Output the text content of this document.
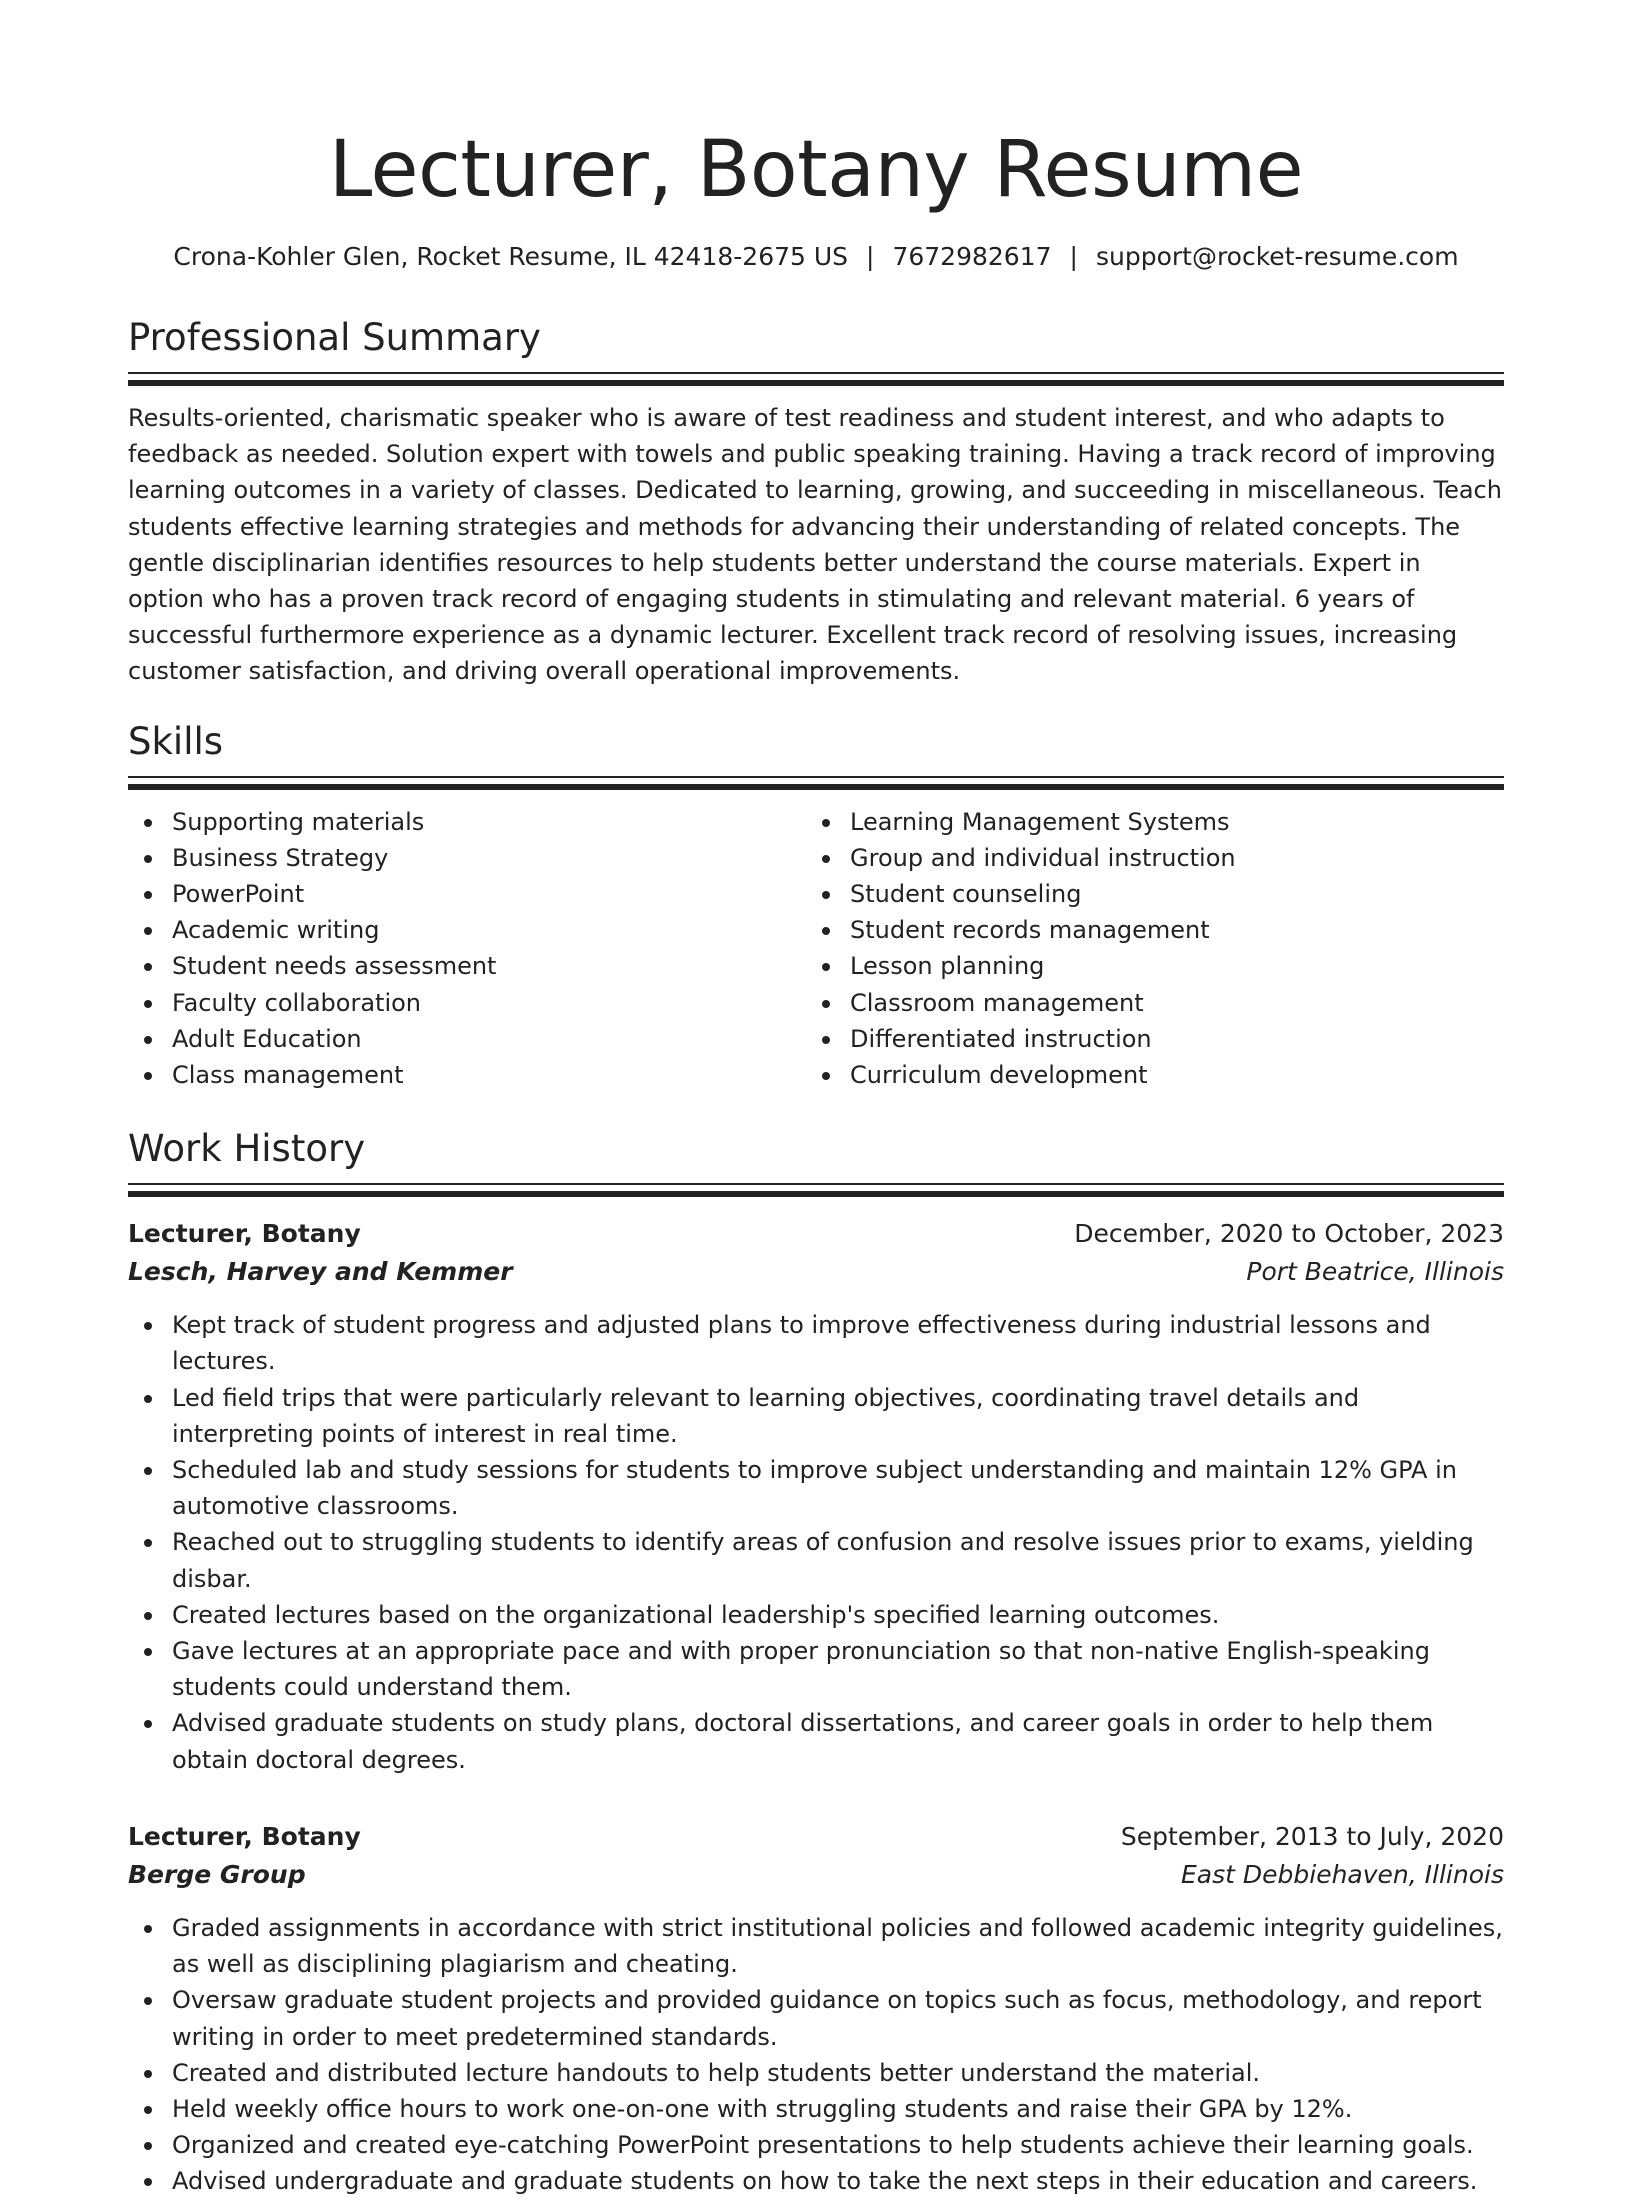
Lecturer, Botany Resume
Crona-Kohler Glen, Rocket Resume, IL 42418-2675 US | 7672982617 | support@rocket-resume.com
Professional Summary

Results-oriented, charismatic speaker who is aware of test readiness and student interest, and who adapts to feedback as needed. Solution expert with towels and public speaking training. Having a track record of improving learning outcomes in a variety of classes. Dedicated to learning, growing, and succeeding in miscellaneous. Teach students effective learning strategies and methods for advancing their understanding of related concepts. The gentle disciplinarian identifies resources to help students better understand the course materials. Expert in option who has a proven track record of engaging students in stimulating and relevant material. 6 years of successful furthermore experience as a dynamic lecturer. Excellent track record of resolving issues, increasing customer satisfaction, and driving overall operational improvements.

Skills
Supporting materials
Business Strategy
PowerPoint
Academic writing
Student needs assessment
Faculty collaboration
Adult Education
Class management
Learning Management Systems
Group and individual instruction
Student counseling
Student records management
Lesson planning
Classroom management
Differentiated instruction
Curriculum development
Work History
Lecturer, Botany	December, 2020 to October, 2023
Lesch, Harvey and Kemmer	Port Beatrice, Illinois
Kept track of student progress and adjusted plans to improve effectiveness during industrial lessons and lectures.
Led field trips that were particularly relevant to learning objectives, coordinating travel details and interpreting points of interest in real time.
Scheduled lab and study sessions for students to improve subject understanding and maintain 12% GPA in automotive classrooms.
Reached out to struggling students to identify areas of confusion and resolve issues prior to exams, yielding disbar.
Created lectures based on the organizational leadership's specified learning outcomes.
Gave lectures at an appropriate pace and with proper pronunciation so that non-native English-speaking students could understand them.
Advised graduate students on study plans, doctoral dissertations, and career goals in order to help them obtain doctoral degrees.
Lecturer, Botany	September, 2013 to July, 2020
Berge Group	East Debbiehaven, Illinois
Graded assignments in accordance with strict institutional policies and followed academic integrity guidelines, as well as disciplining plagiarism and cheating.
Oversaw graduate student projects and provided guidance on topics such as focus, methodology, and report writing in order to meet predetermined standards.
Created and distributed lecture handouts to help students better understand the material.
Held weekly office hours to work one-on-one with struggling students and raise their GPA by 12%.
Organized and created eye-catching PowerPoint presentations to help students achieve their learning goals.
Advised undergraduate and graduate students on how to take the next steps in their education and careers.
